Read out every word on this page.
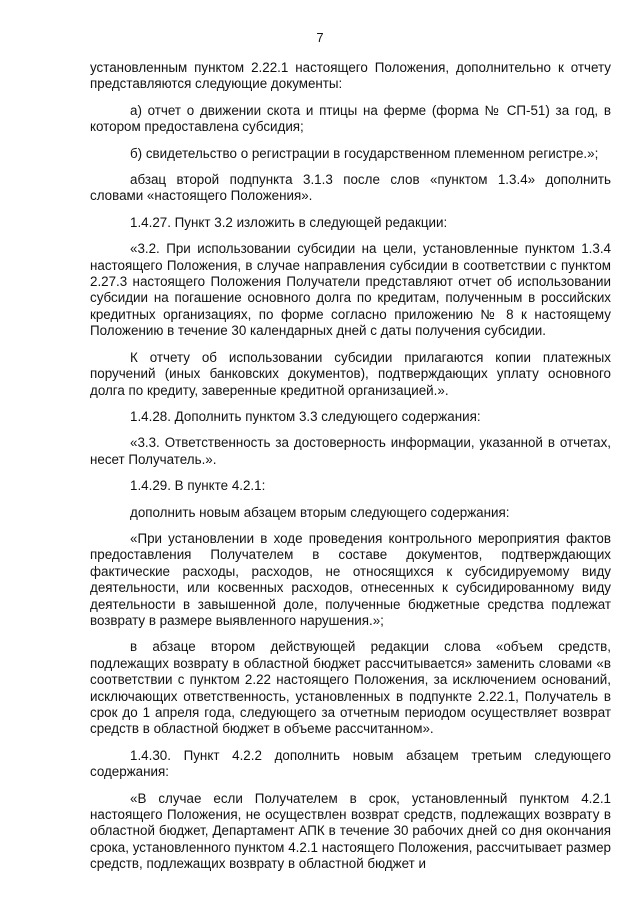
7

установленным пунктом 2.22.1 настоящего Положения, дополнительно к отчету представляются следующие документы:

а) отчет о движении скота и птицы на ферме (форма № СП-51) за год, в котором предоставлена субсидия;

б) свидетельство о регистрации в государственном племенном регистре.»;

абзац второй подпункта 3.1.3 после слов «пунктом 1.3.4» дополнить словами «настоящего Положения».

1.4.27. Пункт 3.2 изложить в следующей редакции:

«3.2. При использовании субсидии на цели, установленные пунктом 1.3.4 настоящего Положения, в случае направления субсидии в соответствии с пунктом 2.27.3 настоящего Положения Получатели представляют отчет об использовании субсидии на погашение основного долга по кредитам, полученным в российских кредитных организациях, по форме согласно приложению № 8 к настоящему Положению в течение 30 календарных дней с даты получения субсидии.

К отчету об использовании субсидии прилагаются копии платежных поручений (иных банковских документов), подтверждающих уплату основного долга по кредиту, заверенные кредитной организацией.».

1.4.28. Дополнить пунктом 3.3 следующего содержания:

«3.3. Ответственность за достоверность информации, указанной в отчетах, несет Получатель.».

1.4.29. В пункте 4.2.1:

дополнить новым абзацем вторым следующего содержания:

«При установлении в ходе проведения контрольного мероприятия фактов предоставления Получателем в составе документов, подтверждающих фактические расходы, расходов, не относящихся к субсидируемому виду деятельности, или косвенных расходов, отнесенных к субсидированному виду деятельности в завышенной доле, полученные бюджетные средства подлежат возврату в размере выявленного нарушения.»;

в абзаце втором действующей редакции слова «объем средств, подлежащих возврату в областной бюджет рассчитывается» заменить словами «в соответствии с пунктом 2.22 настоящего Положения, за исключением оснований, исключающих ответственность, установленных в подпункте 2.22.1, Получатель в срок до 1 апреля года, следующего за отчетным периодом осуществляет возврат средств в областной бюджет в объеме рассчитанном».

1.4.30. Пункт 4.2.2 дополнить новым абзацем третьим следующего содержания:

«В случае если Получателем в срок, установленный пунктом 4.2.1 настоящего Положения, не осуществлен возврат средств, подлежащих возврату в областной бюджет, Департамент АПК в течение 30 рабочих дней со дня окончания срока, установленного пунктом 4.2.1 настоящего Положения, рассчитывает размер средств, подлежащих возврату в областной бюджет и
